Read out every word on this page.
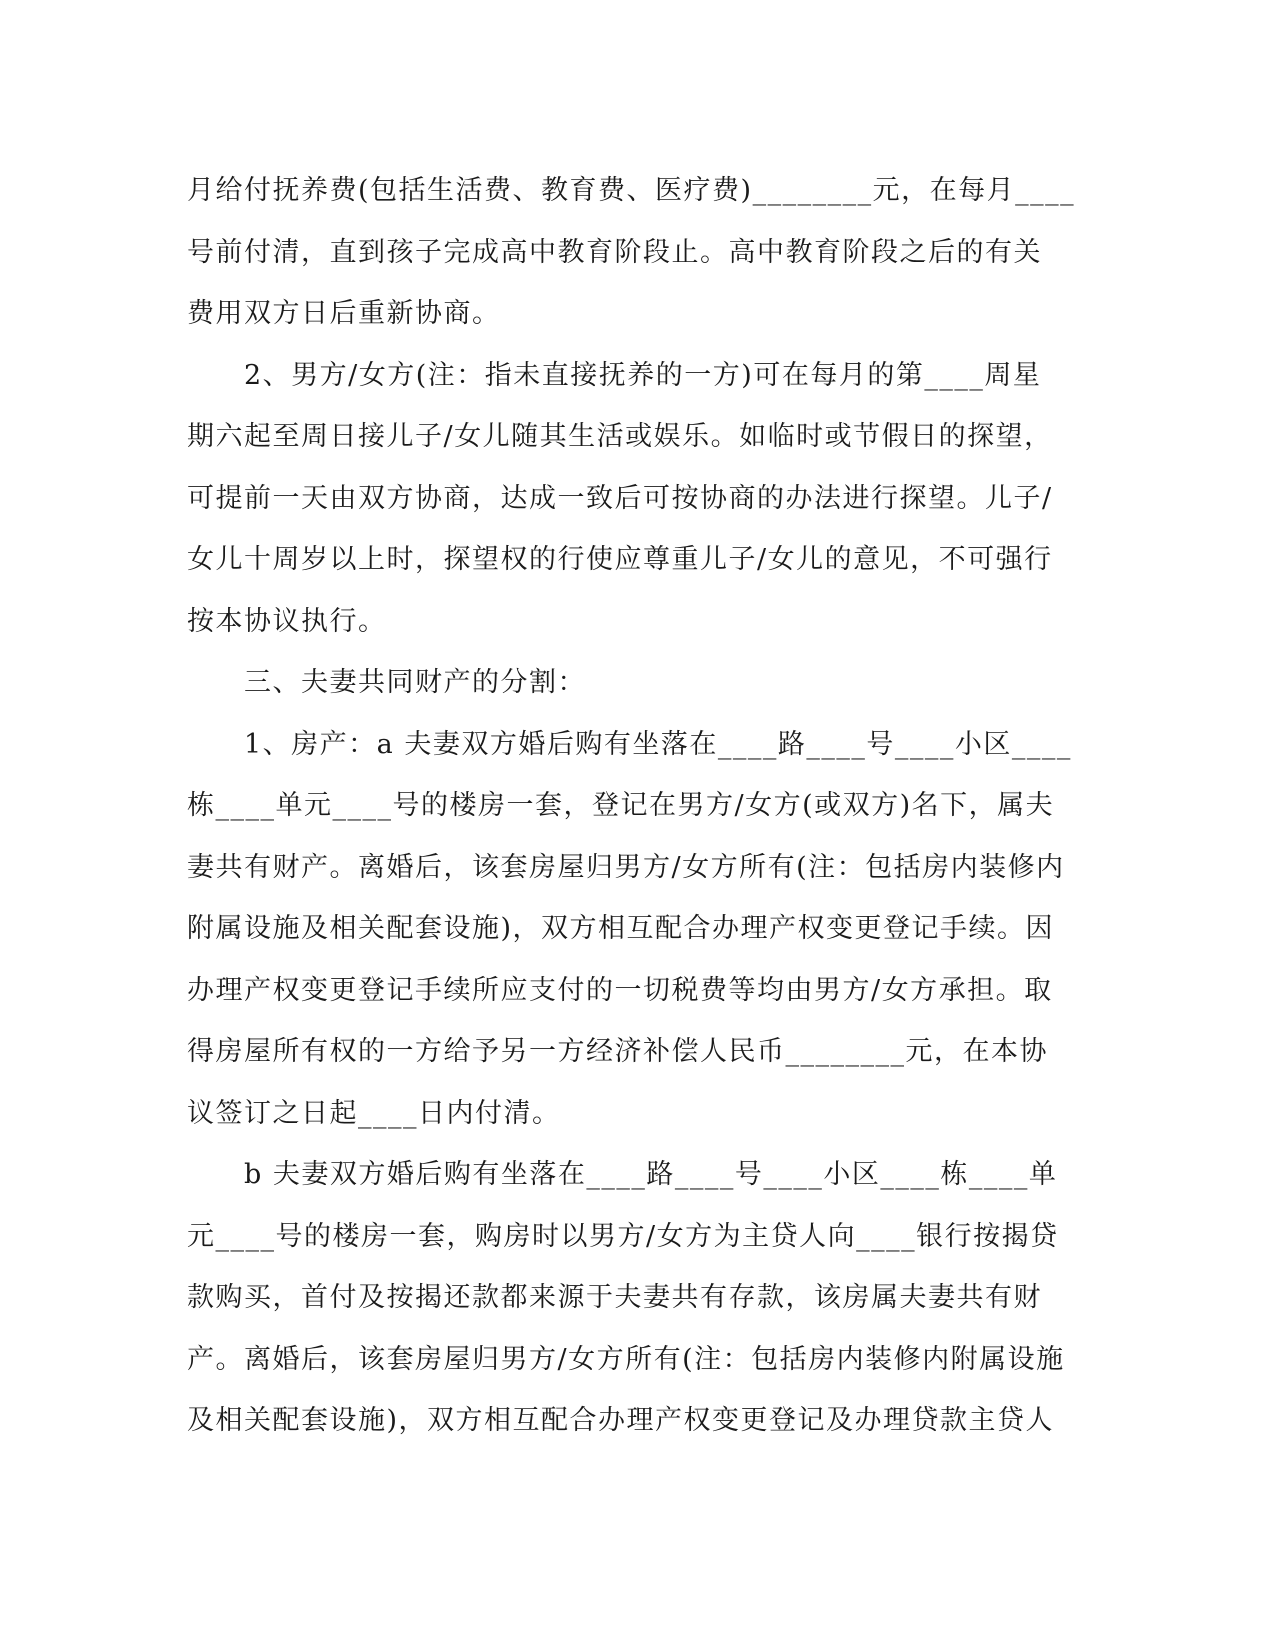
月给付抚养费(包括生活费、教育费、医疗费)________元，在每月____
号前付清，直到孩子完成高中教育阶段止。高中教育阶段之后的有关
费用双方日后重新协商。
　　2、男方/女方(注：指未直接抚养的一方)可在每月的第____周星
期六起至周日接儿子/女儿随其生活或娱乐。如临时或节假日的探望，
可提前一天由双方协商，达成一致后可按协商的办法进行探望。儿子/
女儿十周岁以上时，探望权的行使应尊重儿子/女儿的意见，不可强行
按本协议执行。
　　三、夫妻共同财产的分割：
　　1、房产：a 夫妻双方婚后购有坐落在____路____号____小区____
栋____单元____号的楼房一套，登记在男方/女方(或双方)名下，属夫
妻共有财产。离婚后，该套房屋归男方/女方所有(注：包括房内装修内
附属设施及相关配套设施)，双方相互配合办理产权变更登记手续。因
办理产权变更登记手续所应支付的一切税费等均由男方/女方承担。取
得房屋所有权的一方给予另一方经济补偿人民币________元，在本协
议签订之日起____日内付清。
　　b 夫妻双方婚后购有坐落在____路____号____小区____栋____单
元____号的楼房一套，购房时以男方/女方为主贷人向____银行按揭贷
款购买，首付及按揭还款都来源于夫妻共有存款，该房属夫妻共有财
产。离婚后，该套房屋归男方/女方所有(注：包括房内装修内附属设施
及相关配套设施)，双方相互配合办理产权变更登记及办理贷款主贷人
